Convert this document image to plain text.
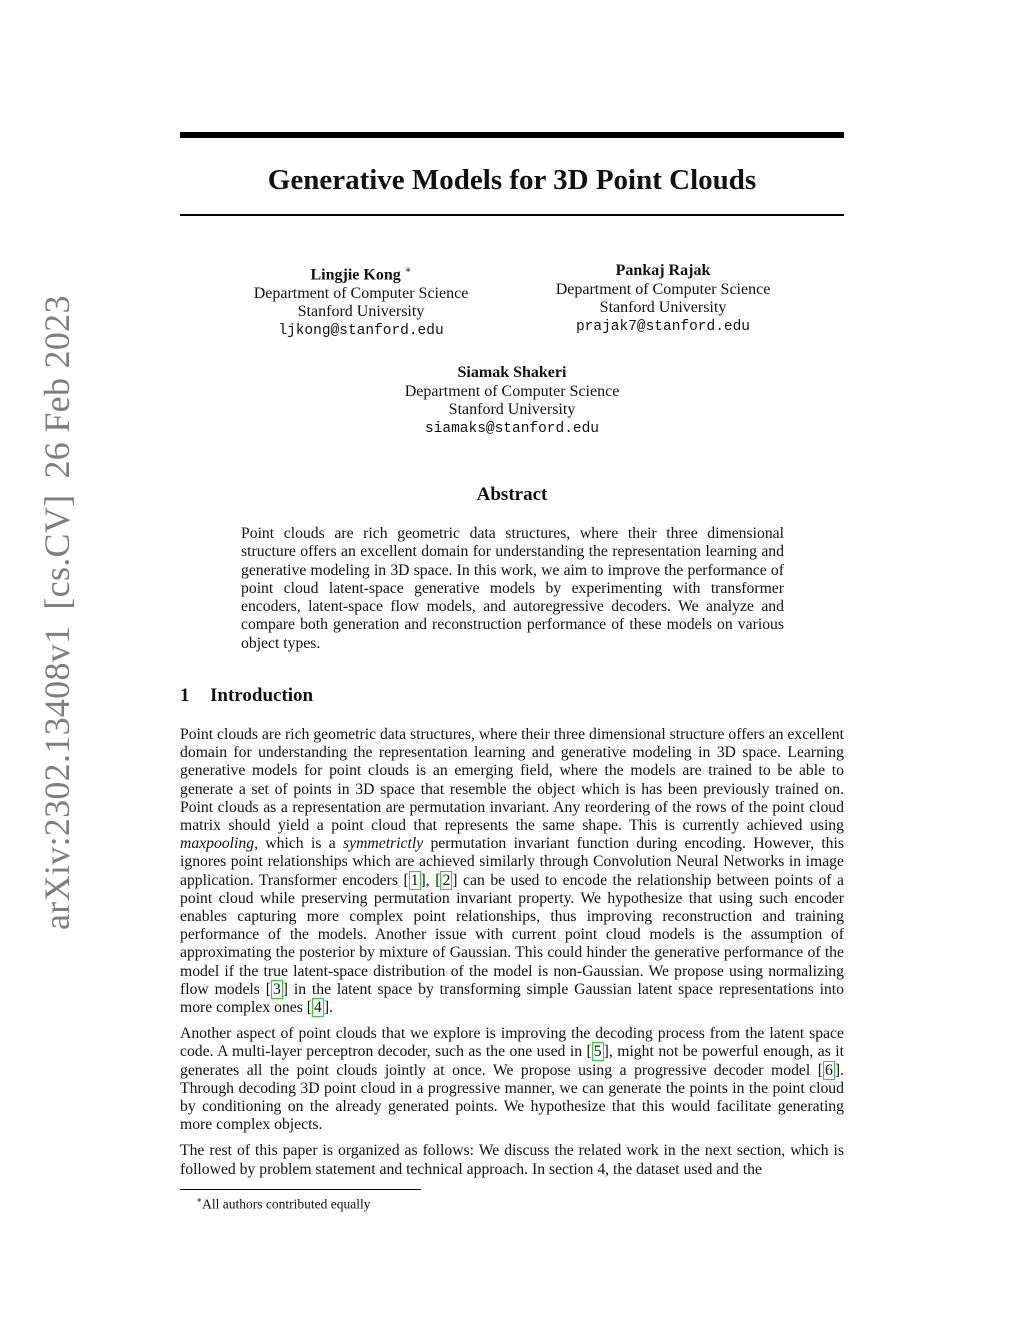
arXiv:2302.13408v1[cs.CV]26 Feb 2023
Generative Models for 3D Point Clouds
Lingjie Kong ∗
Department of Computer Science
Stanford University
ljkong@stanford.edu
Pankaj Rajak
Department of Computer Science
Stanford University
prajak7@stanford.edu
Siamak Shakeri
Department of Computer Science
Stanford University
siamaks@stanford.edu
Abstract
Point clouds are rich geometric data structures, where their three dimensional structure offers an excellent domain for understanding the representation learning and generative modeling in 3D space. In this work, we aim to improve the performance of point cloud latent-space generative models by experimenting with transformer encoders, latent-space flow models, and autoregressive decoders. We analyze and compare both generation and reconstruction performance of these models on various object types.
1 Introduction

Point clouds are rich geometric data structures, where their three dimensional structure offers an excellent domain for understanding the representation learning and generative modeling in 3D space. Learning generative models for point clouds is an emerging field, where the models are trained to be able to generate a set of points in 3D space that resemble the object which is has been previously trained on. Point clouds as a representation are permutation invariant. Any reordering of the rows of the point cloud matrix should yield a point cloud that represents the same shape. This is currently achieved using maxpooling, which is a symmetrictly permutation invariant function during encoding. However, this ignores point relationships which are achieved similarly through Convolution Neural Networks in image application. Transformer encoders [ 1 ], [ 2 ] can be used to encode the relationship between points of a point cloud while preserving permutation invariant property. We hypothesize that using such encoder enables capturing more complex point relationships, thus improving reconstruction and training performance of the models. Another issue with current point cloud models is the assumption of approximating the posterior by mixture of Gaussian. This could hinder the generative performance of the model if the true latent-space distribution of the model is non-Gaussian. We propose using normalizing flow models [ 3 ] in the latent space by transforming simple Gaussian latent space representations into more complex ones [ 4 ].

Another aspect of point clouds that we explore is improving the decoding process from the latent space code. A multi-layer perceptron decoder, such as the one used in [ 5 ], might not be powerful enough, as it generates all the point clouds jointly at once. We propose using a progressive decoder model [ 6 ]. Through decoding 3D point cloud in a progressive manner, we can generate the points in the point cloud by conditioning on the already generated points. We hypothesize that this would facilitate generating more complex objects.

The rest of this paper is organized as follows: We discuss the related work in the next section, which is followed by problem statement and technical approach. In section 4, the dataset used and the

∗All authors contributed equally
